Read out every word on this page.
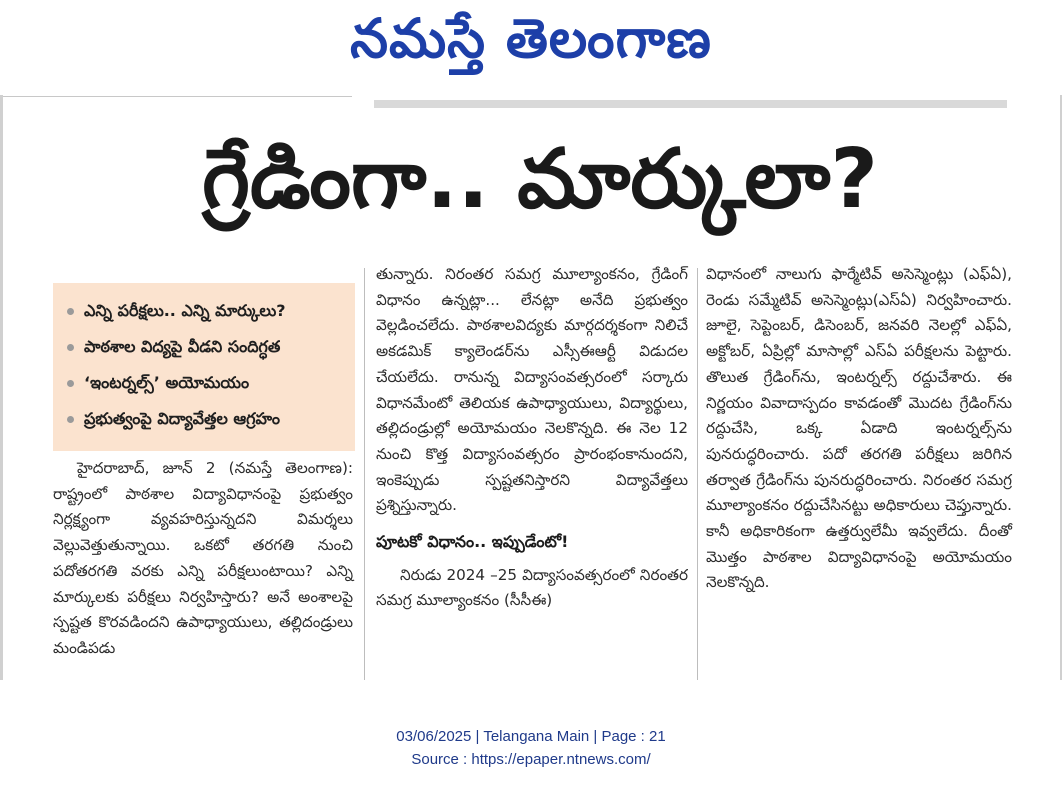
నమస్తే తెలంగాణ
గ్రేడింగా.. మార్కులా?
ఎన్ని పరీక్షలు.. ఎన్ని మార్కులు?
పాఠశాల విద్యపై వీడని సందిగ్ధత
‘ఇంటర్నల్స్’ అయోమయం
ప్రభుత్వంపై విద్యావేత్తల ఆగ్రహం

హైదరాబాద్, జూన్ 2 (నమస్తే తెలంగాణ): రాష్ట్రంలో పాఠశాల విద్యావిధానంపై ప్రభుత్వం నిర్లక్ష్యంగా వ్యవహరిస్తున్నదని విమర్శలు వెల్లువెత్తుతున్నాయి. ఒకటో తరగతి నుంచి పదోతరగతి వరకు ఎన్ని పరీక్షలుంటాయి? ఎన్ని మార్కులకు పరీక్షలు నిర్వహిస్తారు? అనే అంశాలపై స్పష్టత కొరవడిందని ఉపాధ్యాయులు, తల్లిదండ్రులు మండిపడు

తున్నారు. నిరంతర సమగ్ర మూల్యాంకనం, గ్రేడింగ్ విధానం ఉన్నట్లా... లేనట్లా అనేది ప్రభుత్వం వెల్లడించలేదు. పాఠశాలవిద్యకు మార్గదర్శకంగా నిలిచే అకడమిక్ క్యాలెండర్‌ను ఎస్సీఈఆర్టీ విడుదల చేయలేదు. రానున్న విద్యాసంవత్సరంలో సర్కారు విధానమేంటో తెలియక ఉపాధ్యాయులు, విద్యార్థులు, తల్లిదండ్రుల్లో అయోమయం నెలకొన్నది. ఈ నెల 12 నుంచి కొత్త విద్యాసంవత్సరం ప్రారంభంకానుందని, ఇంకెప్పుడు స్పష్టతనిస్తారని విద్యావేత్తలు ప్రశ్నిస్తున్నారు.

పూటకో విధానం.. ఇప్పుడేంటో!

నిరుడు 2024 –25 విద్యాసంవత్సరంలో నిరంతర సమగ్ర మూల్యాంకనం (సీసీఈ)

విధానంలో నాలుగు ఫార్మేటివ్ అసెస్మెంట్లు (ఎఫ్ఏ), రెండు సమ్మేటివ్ అసెస్మెంట్లు(ఎస్ఏ) నిర్వహించారు. జూలై, సెప్టెంబర్, డిసెంబర్, జనవరి నెలల్లో ఎఫ్ఏ, అక్టోబర్, ఏప్రిల్లో మాసాల్లో ఎస్ఏ పరీక్షలను పెట్టారు. తొలుత గ్రేడింగ్‌ను, ఇంటర్నల్స్ రద్దుచేశారు. ఈ నిర్ణయం వివాదాస్పదం కావడంతో మొదట గ్రేడింగ్‌ను రద్దుచేసి, ఒక్క ఏడాది ఇంటర్నల్స్‌ను పునరుద్ధరించారు. పదో తరగతి పరీక్షలు జరిగిన తర్వాత గ్రేడింగ్‌ను పునరుద్ధరించారు. నిరంతర సమగ్ర మూల్యాంకనం రద్దుచేసినట్టు అధికారులు చెప్తున్నారు. కానీ అధికారికంగా ఉత్తర్వులేమీ ఇవ్వలేదు. దీంతో మొత్తం పాఠశాల విద్యావిధానంపై అయోమయం నెలకొన్నది.

03/06/2025 | Telangana Main | Page : 21
Source : https://epaper.ntnews.com/
